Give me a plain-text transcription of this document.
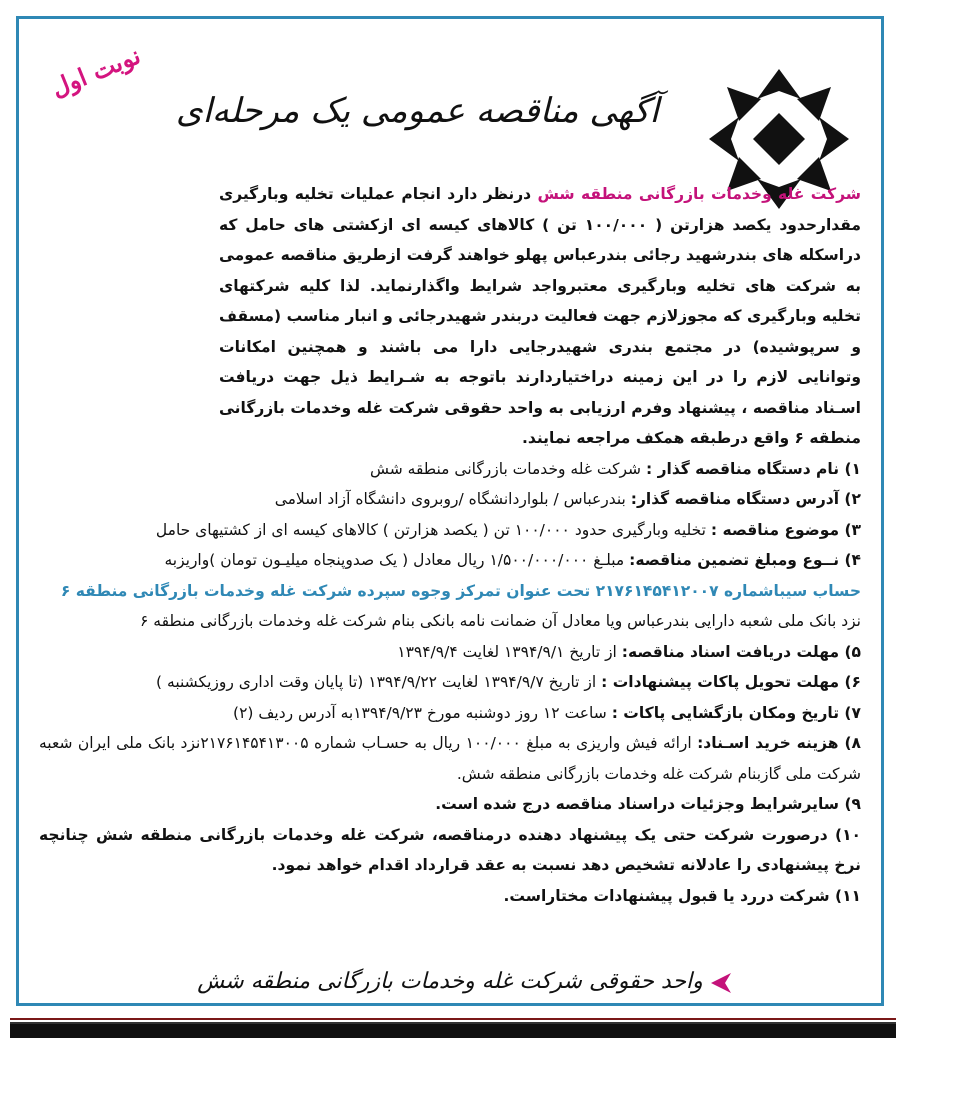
نوبت اول
آگهی مناقصه عمومی یک مرحله‌ای

شرکت غله وخدمات بازرگانی منطقه شش درنظر دارد انجام عملیات تخلیه وبارگیری مقدارحدود یکصد هزارتن ( ۱۰۰/۰۰۰ تن ) کالاهای کیسه ای ازکشتی های حامل که دراسکله های بندرشهید رجائی بندرعباس پهلو خواهند گرفت ازطریق مناقصه عمومی به شرکت های تخلیه وبارگیری معتبرواجد شرایط واگذارنماید. لذا کلیه شرکتهای تخلیه وبارگیری که مجوزلازم جهت فعالیت دربندر شهیدرجائی و انبار مناسب (مسقف و سرپوشیده) در مجتمع بندری شهیدرجایی دارا می باشند و همچنین امکانات وتوانایی لازم را در این زمینه دراختیاردارند باتوجه به شـرایط ذیل جهت دریافت اسـناد مناقصه ، پیشنهاد وفرم ارزیابی به واحد حقوقی شرکت غله وخدمات بازرگانی منطقه ۶ واقع درطبقه همکف مراجعه نمایند.

۱) نام دستگاه مناقصه گذار : شرکت غله وخدمات بازرگانی منطقه شش

۲) آدرس دستگاه مناقصه گذار: بندرعباس / بلواردانشگاه /روبروی دانشگاه آزاد اسلامی

۳) موضوع مناقصه : تخلیه وبارگیری حدود ۱۰۰/۰۰۰ تن ( یکصد هزارتن ) کالاهای کیسه ای از کشتیهای حامل

۴) نــوع ومبلغ تضمین مناقصه: مبلـغ ۱/۵۰۰/۰۰۰/۰۰۰ ریال معادل ( یک صدوپنجاه میلیـون تومان )واریزبه

حساب سیباشماره ۲۱۷۶۱۴۵۴۱۲۰۰۷ تحت عنوان تمرکز وجوه سپرده شرکت غله وخدمات بازرگانی منطقه ۶

نزد بانک ملی شعبه دارایی بندرعباس ویا معادل آن ضمانت نامه بانکی بنام شرکت غله وخدمات بازرگانی منطقه ۶

۵) مهلت دریافت اسناد مناقصه: از تاریخ ۱۳۹۴/۹/۱ لغایت ۱۳۹۴/۹/۴

۶) مهلت تحویل پاکات پیشنهادات : از تاریخ ۱۳۹۴/۹/۷ لغایت ۱۳۹۴/۹/۲۲ (تا پایان وقت اداری روزیکشنبه )

۷) تاریخ ومکان بازگشایی پاکات : ساعت ۱۲ روز دوشنبه مورخ ۱۳۹۴/۹/۲۳به آدرس ردیف (۲)

۸) هزینه خرید اسـناد: ارائه فیش واریزی به مبلغ ۱۰۰/۰۰۰ ریال به حسـاب شماره ۲۱۷۶۱۴۵۴۱۳۰۰۵نزد بانک ملی ایران شعبه شرکت ملی گازبنام شرکت غله وخدمات بازرگانی منطقه شش.

۹) سایرشرایط وجزئیات دراسناد مناقصه درج شده است.

۱۰) درصورت شرکت حتی یک پیشنهاد دهنده درمناقصه، شرکت غله وخدمات بازرگانی منطقه شش چنانچه نرخ پیشنهادی را عادلانه تشخیص دهد نسبت به عقد قرارداد اقدام خواهد نمود.

۱۱) شرکت دررد یا قبول پیشنهادات مختاراست.

واحد حقوقی شرکت غله وخدمات بازرگانی منطقه شش
